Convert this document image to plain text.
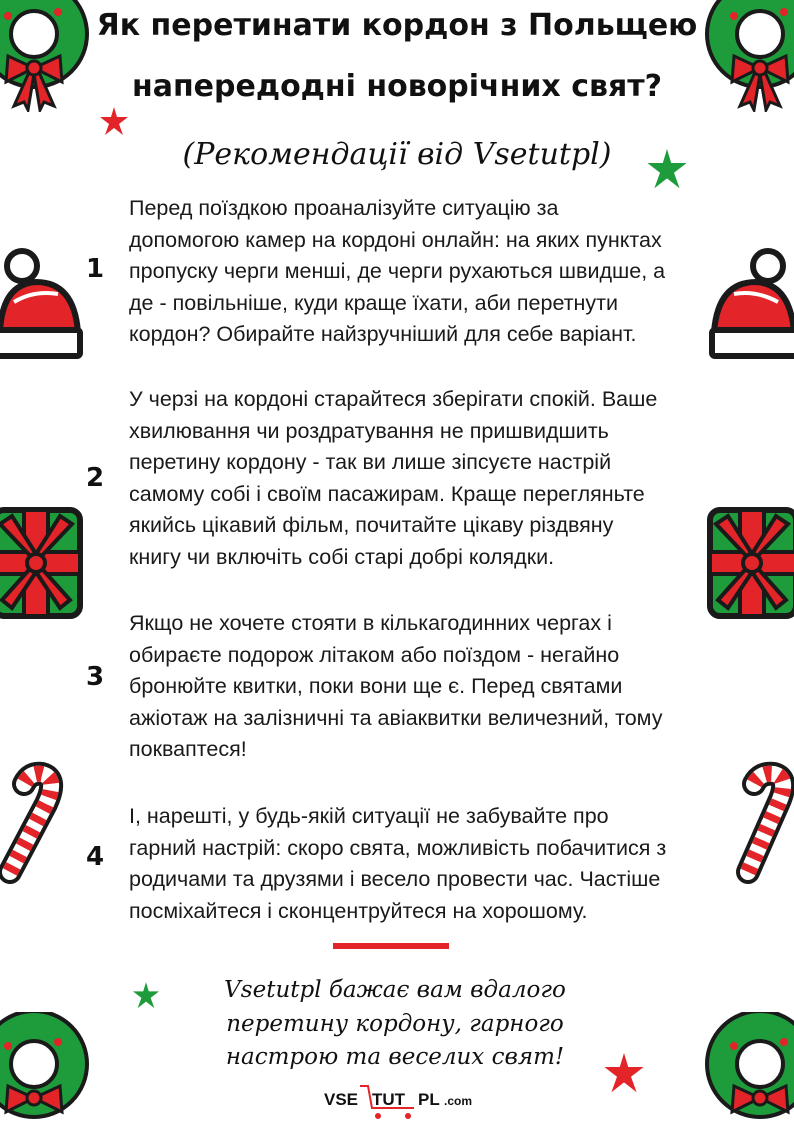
Як перетинати кордон з Польщею
напередодні новорічних свят?
(Рекомендації від Vsetutpl)
1
2
3
4
Перед поїздкою проаналізуйте ситуацію за
допомогою камер на кордоні онлайн: на яких пунктах
пропуску черги менші, де черги рухаються швидше, а
де - повільніше, куди краще їхати, аби перетнути
кордон? Обирайте найзручніший для себе варіант.
У черзі на кордоні старайтеся зберігати спокій. Ваше
хвилювання чи роздратування не пришвидшить
перетину кордону - так ви лише зіпсуєте настрій
самому собі і своїм пасажирам. Краще перегляньте
якийсь цікавий фільм, почитайте цікаву різдвяну
книгу чи включіть собі старі добрі колядки.
Якщо не хочете стояти в кількагодинних чергах і
обираєте подорож літаком або поїздом - негайно
бронюйте квитки, поки вони ще є. Перед святами
ажіотаж на залізничні та авіаквитки величезний, тому
покваптеся!
І, нарешті, у будь-якій ситуації не забувайте про
гарний настрій: скоро свята, можливість побачитися з
родичами та друзями і весело провести час. Частіше
посміхайтеся і сконцентруйтеся на хорошому.
Vsetutpl бажає вам вдалого
перетину кордону, гарного
настрою та веселих свят!
VSE TUT PL .com
